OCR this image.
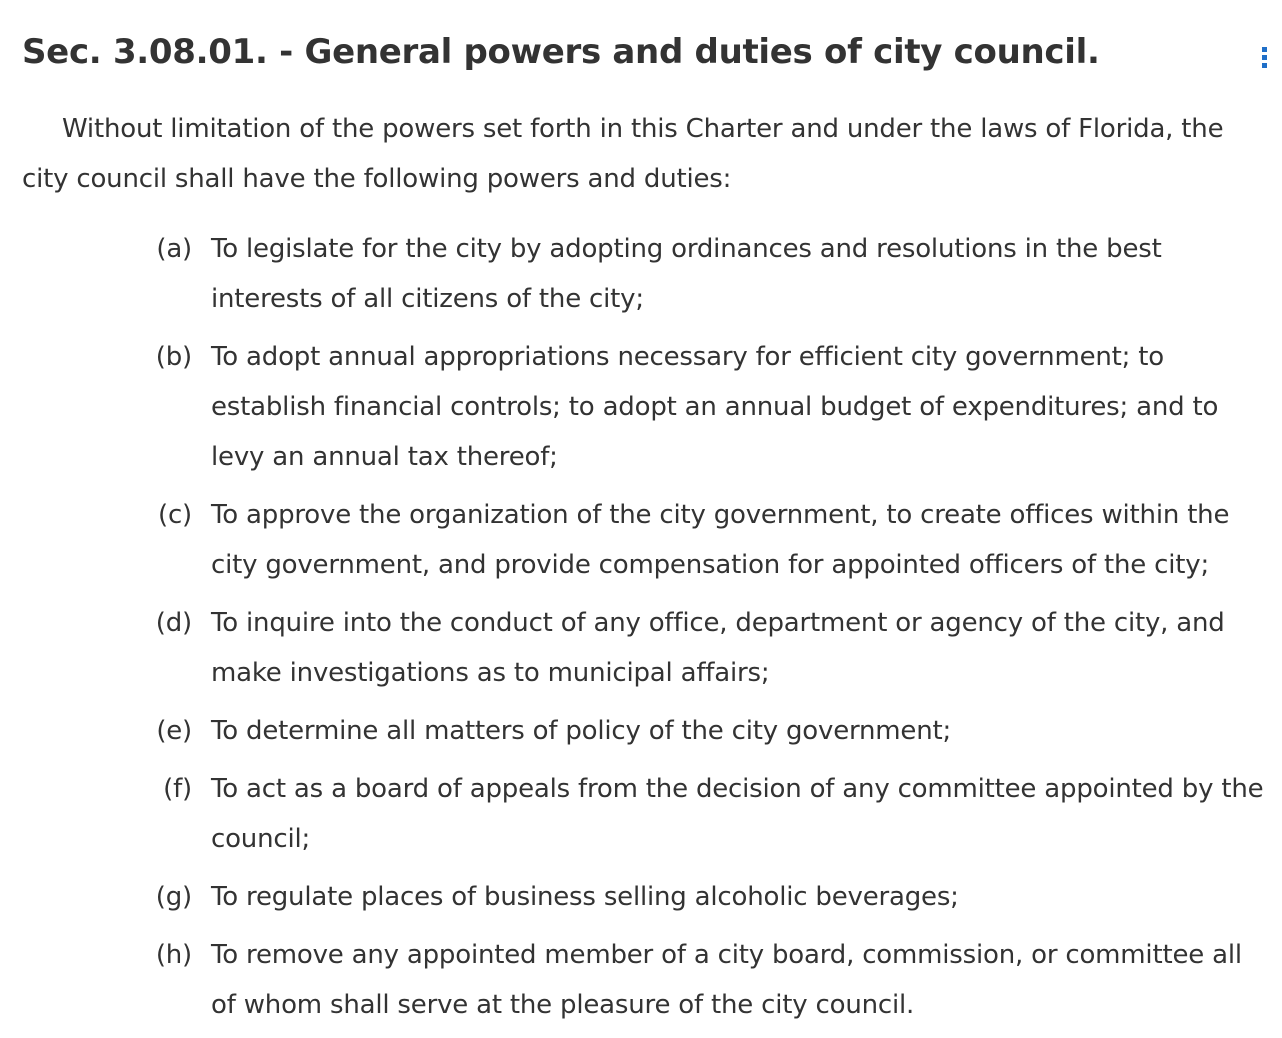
Sec. 3.08.01. - General powers and duties of city council.

Without limitation of the powers set forth in this Charter and under the laws of Florida, the city council shall have the following powers and duties:

(a) To legislate for the city by adopting ordinances and resolutions in the best interests of all citizens of the city;
(b) To adopt annual appropriations necessary for efficient city government; to establish financial controls; to adopt an annual budget of expenditures; and to levy an annual tax thereof;
(c) To approve the organization of the city government, to create offices within the city government, and provide compensation for appointed officers of the city;
(d) To inquire into the conduct of any office, department or agency of the city, and make investigations as to municipal affairs;
(e) To determine all matters of policy of the city government;
(f) To act as a board of appeals from the decision of any committee appointed by the council;
(g) To regulate places of business selling alcoholic beverages;
(h) To remove any appointed member of a city board, commission, or committee all of whom shall serve at the pleasure of the city council.
